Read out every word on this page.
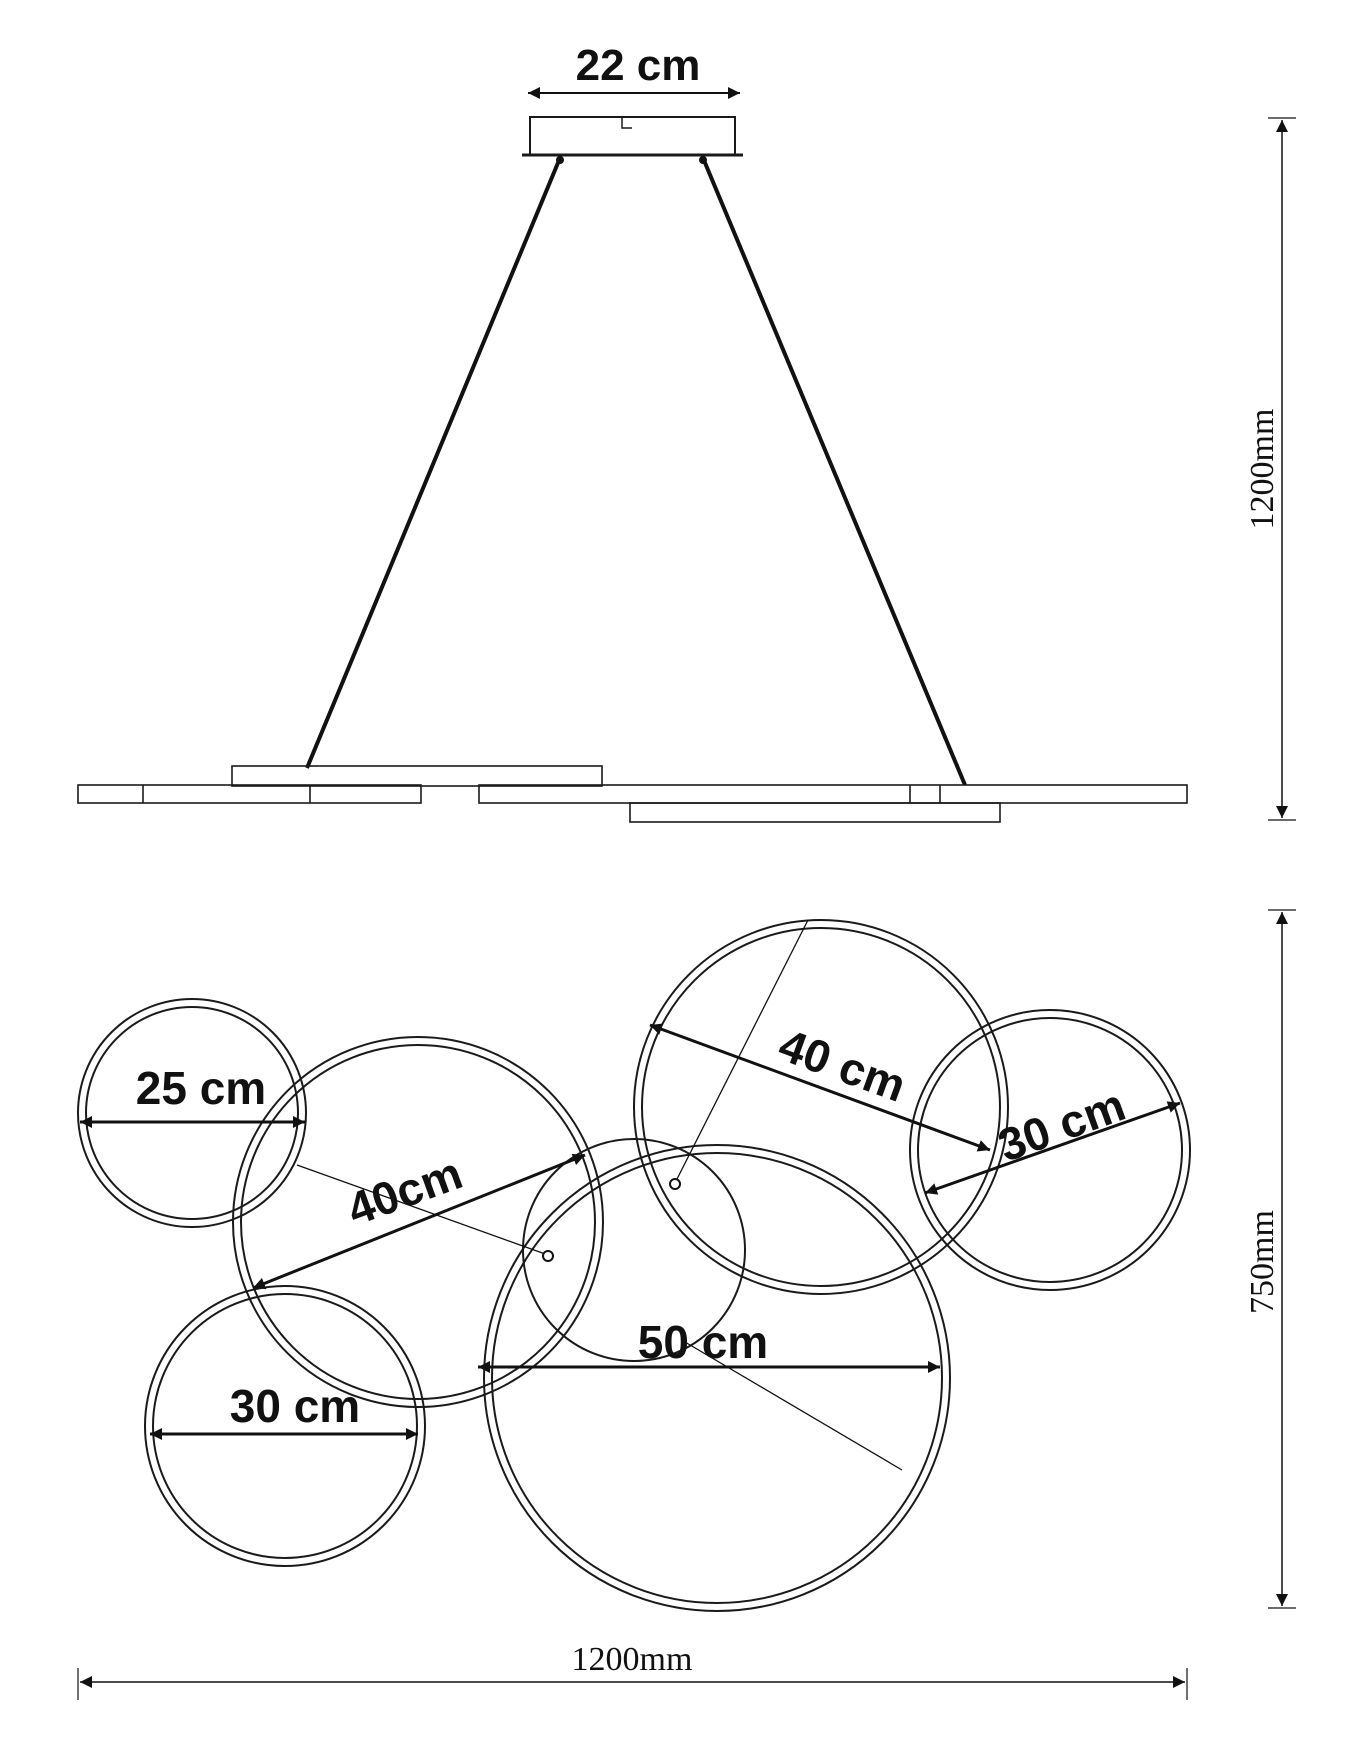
22 cm
1200mm
25 cm
40cm
30 cm
50 cm
40 cm
30 cm
750mm
1200mm
